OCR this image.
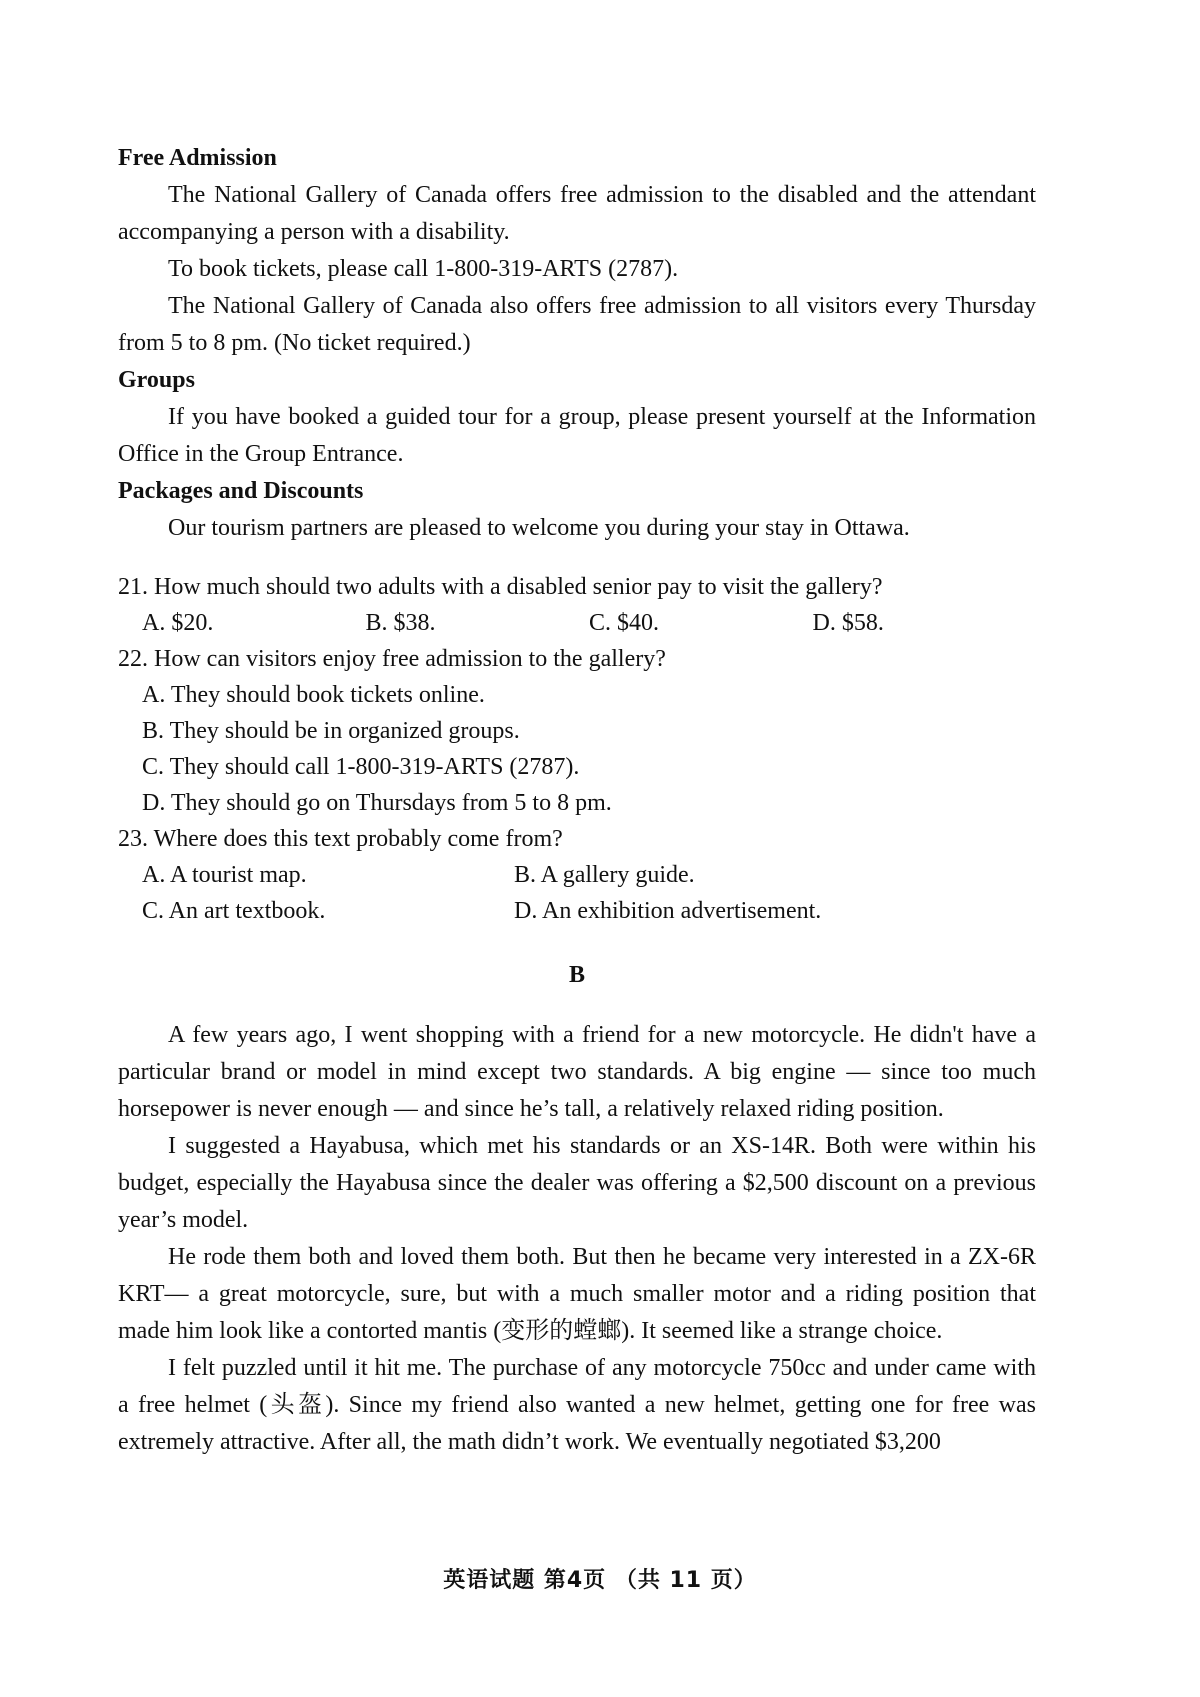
Free Admission

The National Gallery of Canada offers free admission to the disabled and the attendant accompanying a person with a disability.

To book tickets, please call 1-800-319-ARTS (2787).

The National Gallery of Canada also offers free admission to all visitors every Thursday from 5 to 8 pm. (No ticket required.)

Groups

If you have booked a guided tour for a group, please present yourself at the Information Office in the Group Entrance.

Packages and Discounts

Our tourism partners are pleased to welcome you during your stay in Ottawa.

21. How much should two adults with a disabled senior pay to visit the gallery?

A. $20.	B. $38.	C. $40.	D. $58.

22. How can visitors enjoy free admission to the gallery?

A. They should book tickets online.
B. They should be in organized groups.
C. They should call 1-800-319-ARTS (2787).
D. They should go on Thursdays from 5 to 8 pm.

23. Where does this text probably come from?

A. A tourist map.	B. A gallery guide.
C. An art textbook.	D. An exhibition advertisement.
B

A few years ago, I went shopping with a friend for a new motorcycle. He didn't have a particular brand or model in mind except two standards. A big engine — since too much horsepower is never enough — and since he’s tall, a relatively relaxed riding position.

I suggested a Hayabusa, which met his standards or an XS-14R. Both were within his budget, especially the Hayabusa since the dealer was offering a $2,500 discount on a previous year’s model.

He rode them both and loved them both. But then he became very interested in a ZX-6R KRT— a great motorcycle, sure, but with a much smaller motor and a riding position that made him look like a contorted mantis (变形的螳螂). It seemed like a strange choice.

I felt puzzled until it hit me. The purchase of any motorcycle 750cc and under came with a free helmet (头盔). Since my friend also wanted a new helmet, getting one for free was extremely attractive. After all, the math didn’t work. We eventually negotiated $3,200

英语试题 第4页 （共 11 页）
